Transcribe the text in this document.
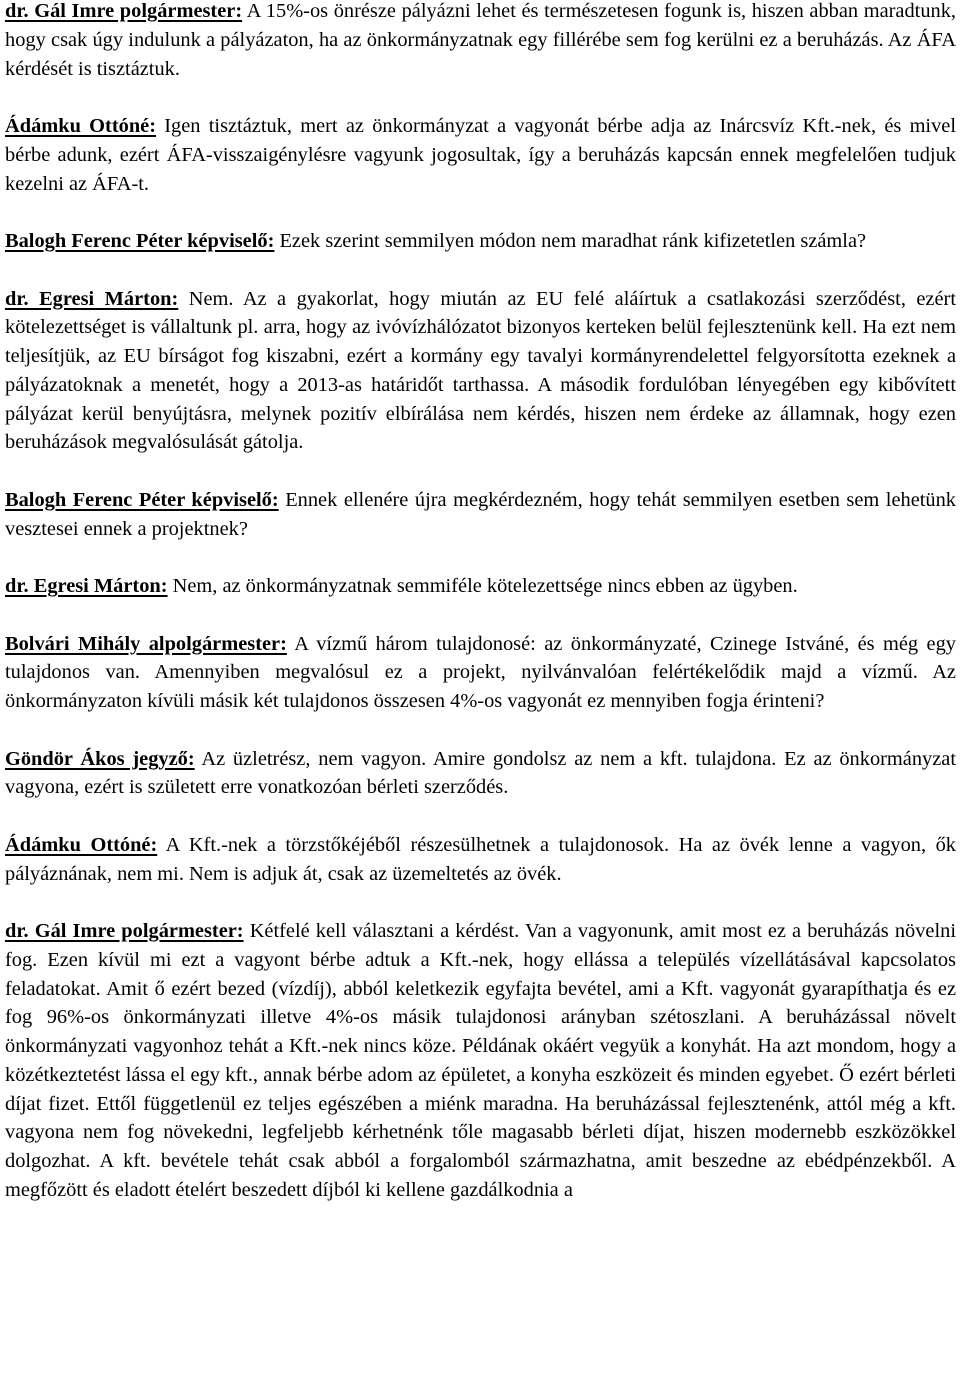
dr. Gál Imre polgármester: A 15%-os önrésze pályázni lehet és természetesen fogunk is, hiszen abban maradtunk, hogy csak úgy indulunk a pályázaton, ha az önkormányzatnak egy fillérébe sem fog kerülni ez a beruházás. Az ÁFA kérdését is tisztáztuk.

Ádámku Ottóné: Igen tisztáztuk, mert az önkormányzat a vagyonát bérbe adja az Inárcsvíz Kft.-nek, és mivel bérbe adunk, ezért ÁFA-visszaigénylésre vagyunk jogosultak, így a beruházás kapcsán ennek megfelelően tudjuk kezelni az ÁFA-t.

Balogh Ferenc Péter képviselő: Ezek szerint semmilyen módon nem maradhat ránk kifizetetlen számla?

dr. Egresi Márton: Nem. Az a gyakorlat, hogy miután az EU felé aláírtuk a csatlakozási szerződést, ezért kötelezettséget is vállaltunk pl. arra, hogy az ivóvízhálózatot bizonyos kerteken belül fejlesztenünk kell. Ha ezt nem teljesítjük, az EU bírságot fog kiszabni, ezért a kormány egy tavalyi kormányrendelettel felgyorsította ezeknek a pályázatoknak a menetét, hogy a 2013-as határidőt tarthassa. A második fordulóban lényegében egy kibővített pályázat kerül benyújtásra, melynek pozitív elbírálása nem kérdés, hiszen nem érdeke az államnak, hogy ezen beruházások megvalósulását gátolja.

Balogh Ferenc Péter képviselő: Ennek ellenére újra megkérdezném, hogy tehát semmilyen esetben sem lehetünk vesztesei ennek a projektnek?

dr. Egresi Márton: Nem, az önkormányzatnak semmiféle kötelezettsége nincs ebben az ügyben.

Bolvári Mihály alpolgármester: A vízmű három tulajdonosé: az önkormányzaté, Czinege Istváné, és még egy tulajdonos van. Amennyiben megvalósul ez a projekt, nyilvánvalóan felértékelődik majd a vízmű. Az önkormányzaton kívüli másik két tulajdonos összesen 4%-os vagyonát ez mennyiben fogja érinteni?

Göndör Ákos jegyző: Az üzletrész, nem vagyon. Amire gondolsz az nem a kft. tulajdona. Ez az önkormányzat vagyona, ezért is született erre vonatkozóan bérleti szerződés.

Ádámku Ottóné: A Kft.-nek a törzstőkéjéből részesülhetnek a tulajdonosok. Ha az övék lenne a vagyon, ők pályáznának, nem mi. Nem is adjuk át, csak az üzemeltetés az övék.

dr. Gál Imre polgármester: Kétfelé kell választani a kérdést. Van a vagyonunk, amit most ez a beruházás növelni fog. Ezen kívül mi ezt a vagyont bérbe adtuk a Kft.-nek, hogy ellássa a település vízellátásával kapcsolatos feladatokat. Amit ő ezért bezed (vízdíj), abból keletkezik egyfajta bevétel, ami a Kft. vagyonát gyarapíthatja és ez fog 96%-os önkormányzati illetve 4%-os másik tulajdonosi arányban szétoszlani. A beruházással növelt önkormányzati vagyonhoz tehát a Kft.-nek nincs köze. Példának okáért vegyük a konyhát. Ha azt mondom, hogy a közétkeztetést lássa el egy kft., annak bérbe adom az épületet, a konyha eszközeit és minden egyebet. Ő ezért bérleti díjat fizet. Ettől függetlenül ez teljes egészében a miénk maradna. Ha beruházással fejlesztenénk, attól még a kft. vagyona nem fog növekedni, legfeljebb kérhetnénk tőle magasabb bérleti díjat, hiszen modernebb eszközökkel dolgozhat. A kft. bevétele tehát csak abból a forgalomból származhatna, amit beszedne az ebédpénzekből. A megfőzött és eladott ételért beszedett díjból ki kellene gazdálkodnia a
